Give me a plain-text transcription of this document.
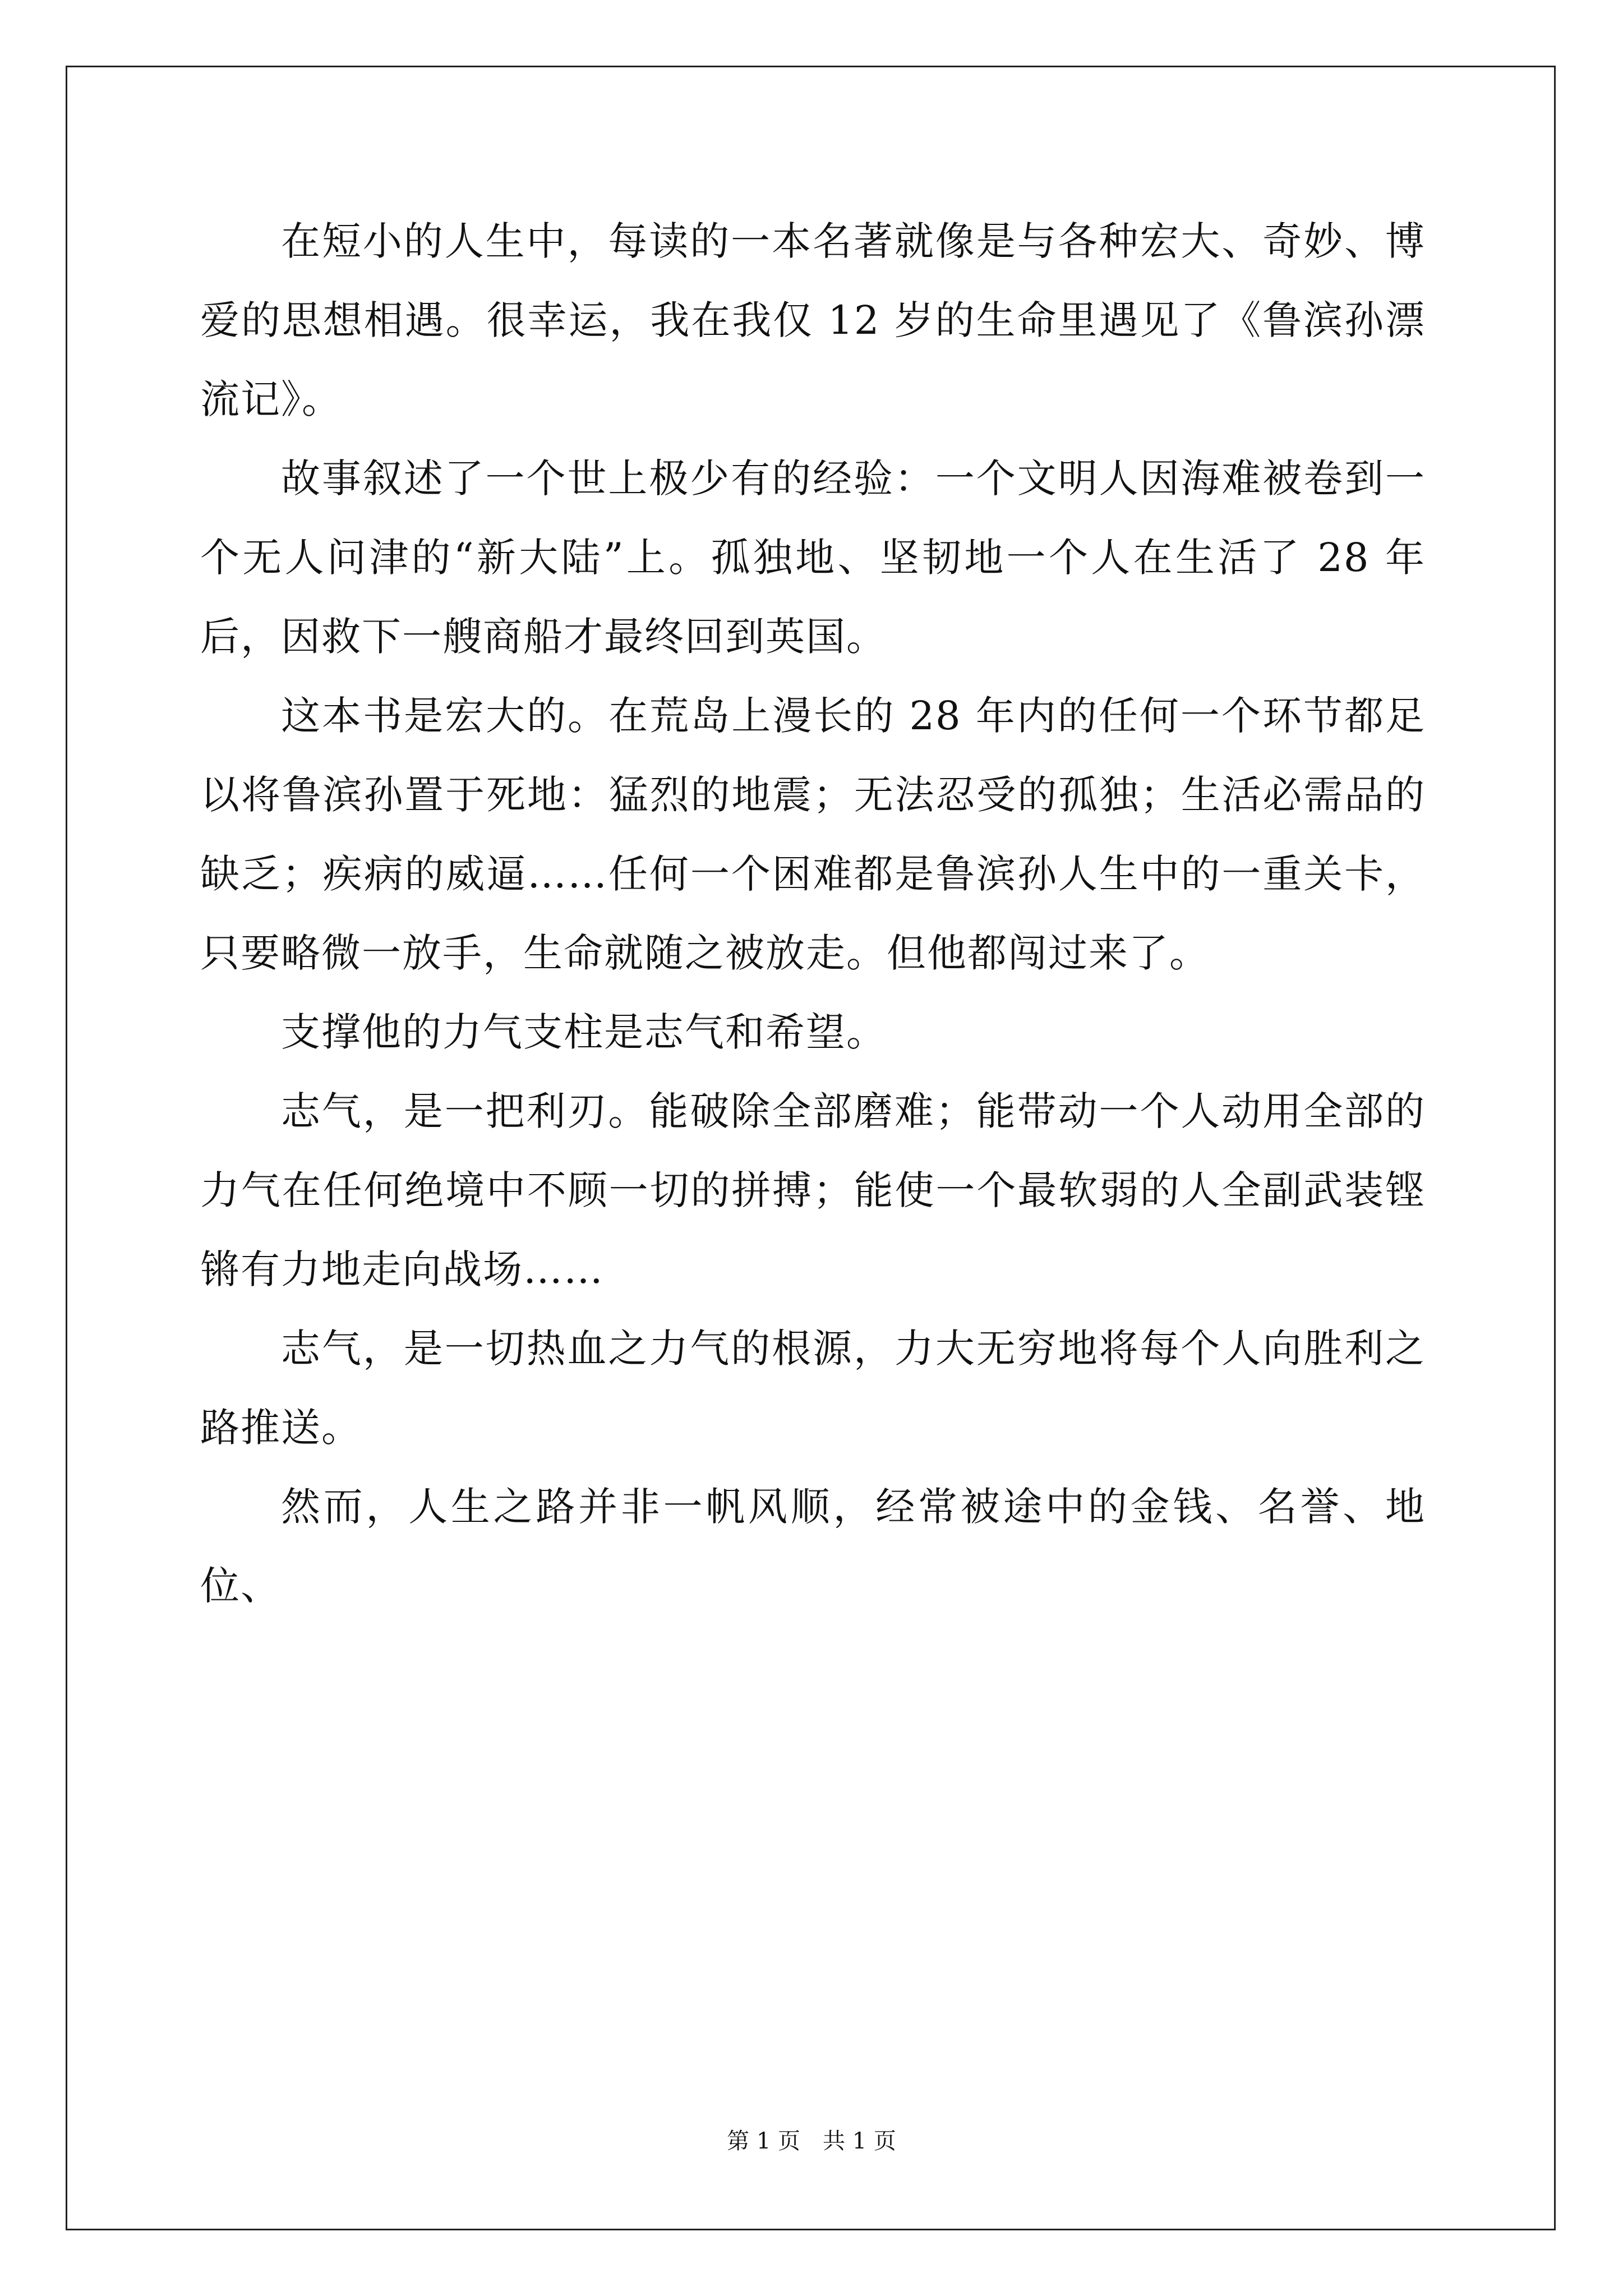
在短小的人生中，每读的一本名著就像是与各种宏大、奇妙、博爱的思想相遇。很幸运，我在我仅 12 岁的生命里遇见了《鲁滨孙漂流记》。

故事叙述了一个世上极少有的经验：一个文明人因海难被卷到一个无人问津的“新大陆”上。孤独地、坚韧地一个人在生活了 28 年后，因救下一艘商船才最终回到英国。

这本书是宏大的。在荒岛上漫长的 28 年内的任何一个环节都足以将鲁滨孙置于死地：猛烈的地震；无法忍受的孤独；生活必需品的缺乏；疾病的威逼……任何一个困难都是鲁滨孙人生中的一重关卡，只要略微一放手，生命就随之被放走。但他都闯过来了。

支撑他的力气支柱是志气和希望。

志气，是一把利刃。能破除全部磨难；能带动一个人动用全部的力气在任何绝境中不顾一切的拼搏；能使一个最软弱的人全副武装铿锵有力地走向战场……

志气，是一切热血之力气的根源，力大无穷地将每个人向胜利之路推送。

然而，人生之路并非一帆风顺，经常被途中的金钱、名誉、地位、

第 1 页　共 1 页
